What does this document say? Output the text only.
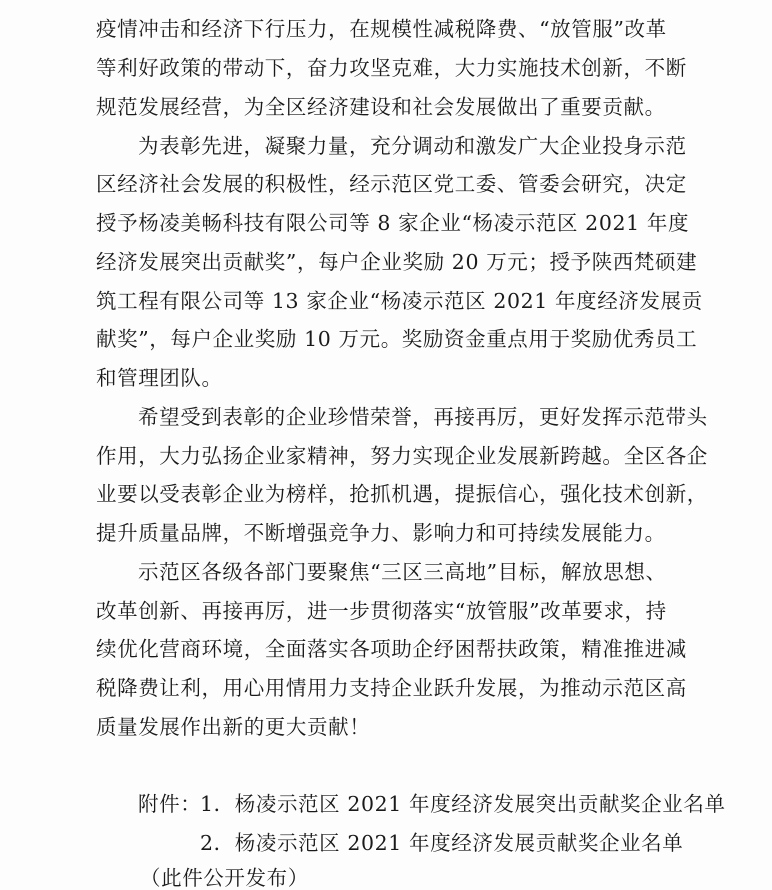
疫情冲击和经济下行压力，在规模性减税降费、“放管服”改革
等利好政策的带动下，奋力攻坚克难，大力实施技术创新，不断
规范发展经营，为全区经济建设和社会发展做出了重要贡献。
为表彰先进，凝聚力量，充分调动和激发广大企业投身示范
区经济社会发展的积极性，经示范区党工委、管委会研究，决定
授予杨凌美畅科技有限公司等 8 家企业“杨凌示范区 2021 年度
经济发展突出贡献奖”，每户企业奖励 20 万元；授予陕西梵硕建
筑工程有限公司等 13 家企业“杨凌示范区 2021 年度经济发展贡
献奖”，每户企业奖励 10 万元。奖励资金重点用于奖励优秀员工
和管理团队。
希望受到表彰的企业珍惜荣誉，再接再厉，更好发挥示范带头
作用，大力弘扬企业家精神，努力实现企业发展新跨越。全区各企
业要以受表彰企业为榜样，抢抓机遇，提振信心，强化技术创新，
提升质量品牌，不断增强竞争力、影响力和可持续发展能力。
示范区各级各部门要聚焦“三区三高地”目标，解放思想、
改革创新、再接再厉，进一步贯彻落实“放管服”改革要求，持
续优化营商环境，全面落实各项助企纾困帮扶政策，精准推进减
税降费让利，用心用情用力支持企业跃升发展，为推动示范区高
质量发展作出新的更大贡献！
附件：
1．杨凌示范区 2021 年度经济发展突出贡献奖企业名单
2．杨凌示范区 2021 年度经济发展贡献奖企业名单
（此件公开发布）
